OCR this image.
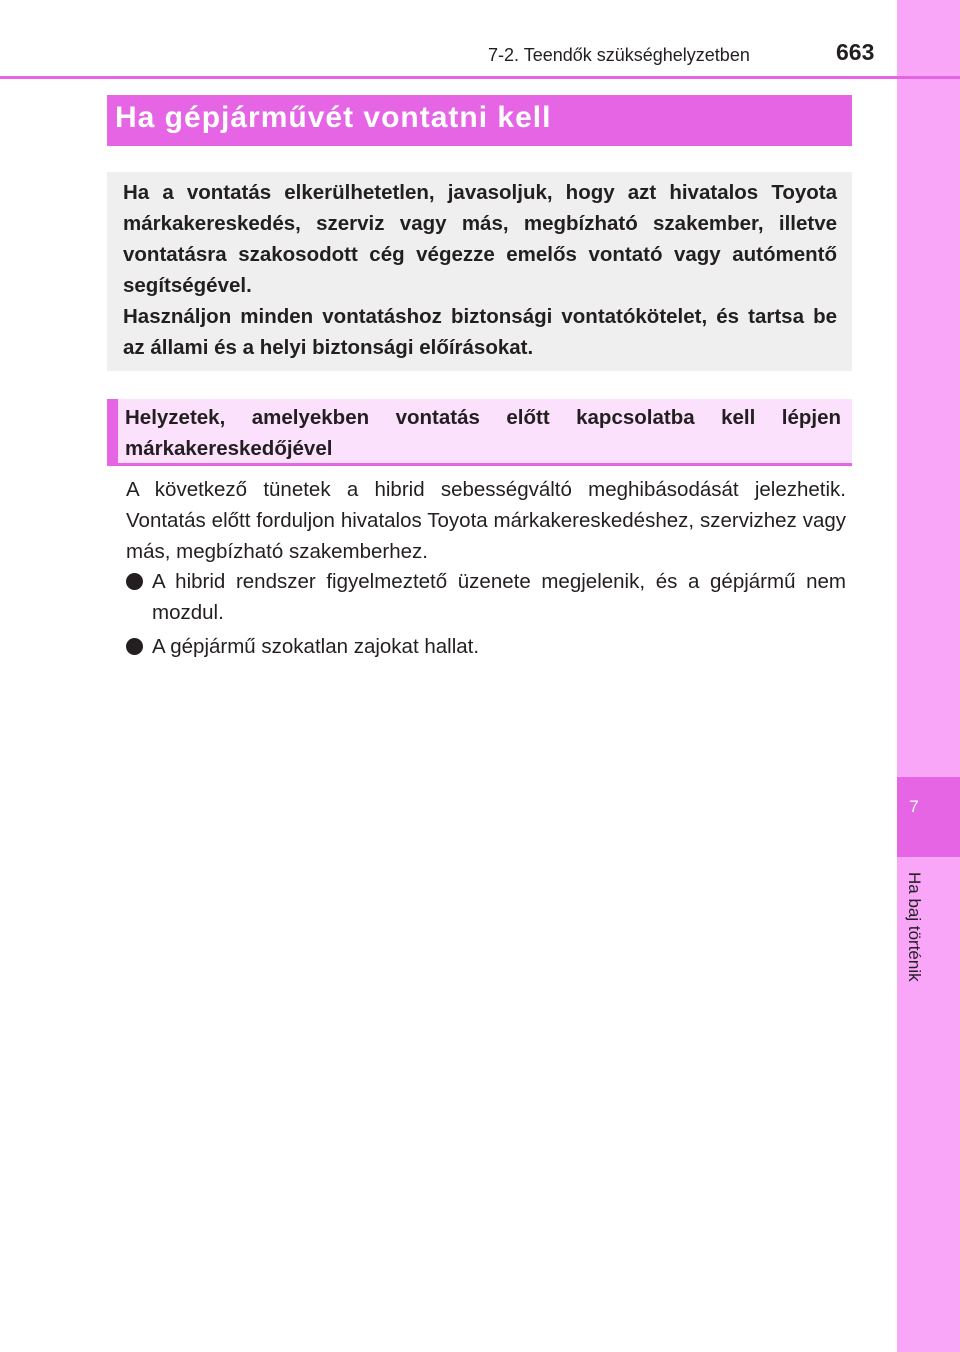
7
Ha baj történik
7-2. Teendők szükséghelyzetben	663
Ha gépjárművét vontatni kell

Ha a vontatás elkerülhetetlen, javasoljuk, hogy azt hivatalos Toyota márkakereskedés, szerviz vagy más, megbízható szakember, illetve vontatásra szakosodott cég végezze emelős vontató vagy autómentő segítségével.

Használjon minden vontatáshoz biztonsági vontatókötelet, és tartsa be az állami és a helyi biztonsági előírásokat.

Helyzetek, amelyekben vontatás előtt kapcsolatba kell lépjen márkakereskedőjével

A következő tünetek a hibrid sebességváltó meghibásodását jelezhetik. Vontatás előtt forduljon hivatalos Toyota márkakereskedéshez, szervizhez vagy más, megbízható szakemberhez.

A hibrid rendszer figyelmeztető üzenete megjelenik, és a gépjármű nem mozdul.
A gépjármű szokatlan zajokat hallat.
